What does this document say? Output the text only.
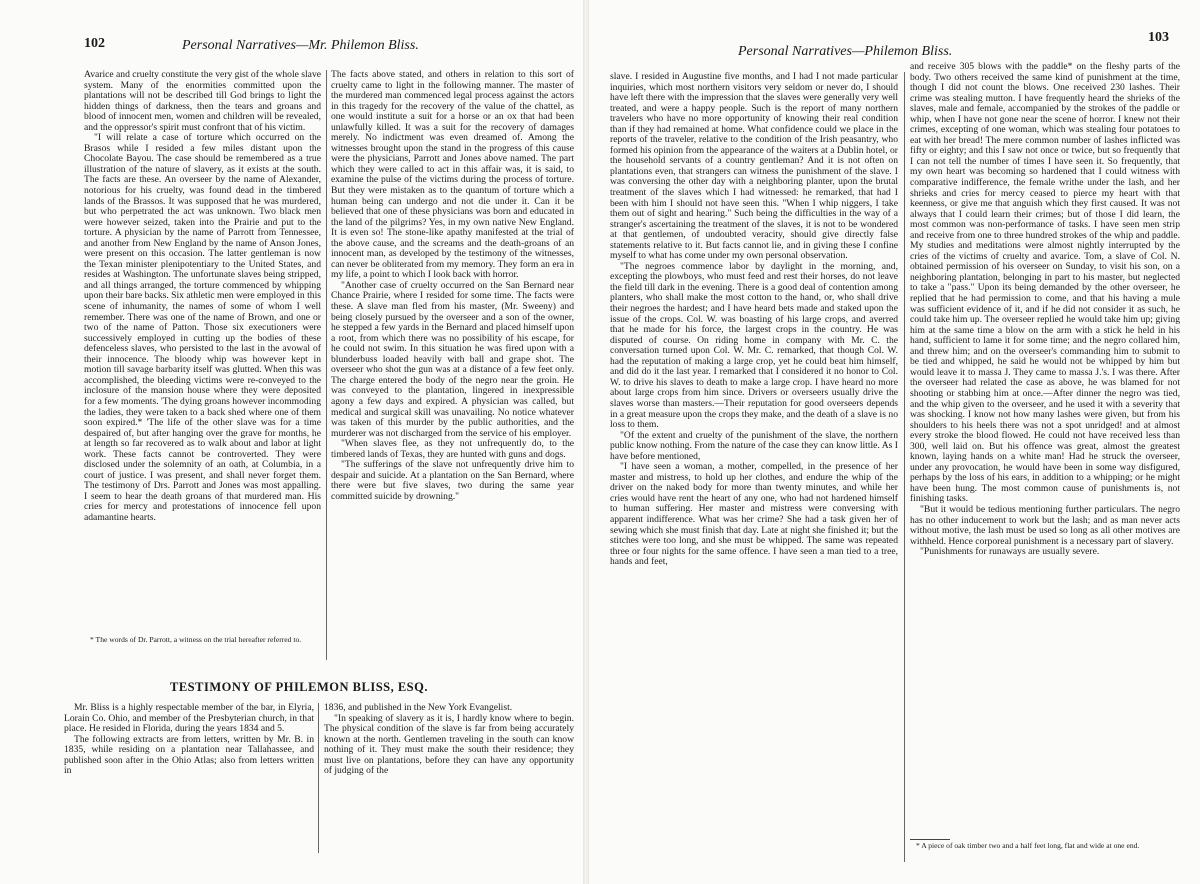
102	Personal Narratives—Mr. Philemon Bliss.

Avarice and cruelty constitute the very gist of the whole slave system. Many of the enormities committed upon the plantations will not be described till God brings to light the hidden things of darkness, then the tears and groans and blood of innocent men, women and children will be revealed, and the oppressor's spirit must confront that of his victim.

"I will relate a case of torture which occurred on the Brasos while I resided a few miles distant upon the Chocolate Bayou. The case should be remembered as a true illustration of the nature of slavery, as it exists at the south. The facts are these. An overseer by the name of Alexander, notorious for his cruelty, was found dead in the timbered lands of the Brassos. It was supposed that he was murdered, but who perpetrated the act was unknown. Two black men were however seized, taken into the Prairie and put to the torture. A physician by the name of Parrott from Tennessee, and another from New England by the name of Anson Jones, were present on this occasion. The latter gentleman is now the Texan minister plenipotentiary to the United States, and resides at Washington. The unfortunate slaves being stripped, and all things arranged, the torture commenced by whipping upon their bare backs. Six athletic men were employed in this scene of inhumanity, the names of some of whom I well remember. There was one of the name of Brown, and one or two of the name of Patton. Those six executioners were successively employed in cutting up the bodies of these defenceless slaves, who persisted to the last in the avowal of their innocence. The bloody whip was however kept in motion till savage barbarity itself was glutted. When this was accomplished, the bleeding victims were re-conveyed to the inclosure of the mansion house where they were deposited for a few moments. 'The dying groans however incommoding the ladies, they were taken to a back shed where one of them soon expired.* 'The life of the other slave was for a time despaired of, but after hanging over the grave for months, he at length so far recovered as to walk about and labor at light work. These facts cannot be controverted. They were disclosed under the solemnity of an oath, at Columbia, in a court of justice. I was present, and shall never forget them. The testimony of Drs. Parrott and Jones was most appalling. I seem to hear the death groans of that murdered man. His cries for mercy and protestations of innocence fell upon adamantine hearts.

* The words of Dr. Parrott, a witness on the trial hereafter referred to.

The facts above stated, and others in relation to this sort of cruelty came to light in the following manner. The master of the murdered man commenced legal process against the actors in this tragedy for the recovery of the value of the chattel, as one would institute a suit for a horse or an ox that had been unlawfully killed. It was a suit for the recovery of damages merely. No indictment was even dreamed of. Among the witnesses brought upon the stand in the progress of this cause were the physicians, Parrott and Jones above named. The part which they were called to act in this affair was, it is said, to examine the pulse of the victims during the process of torture. But they were mistaken as to the quantum of torture which a human being can undergo and not die under it. Can it be believed that one of these physicians was born and educated in the land of the pilgrims? Yes, in my own native New England. It is even so! The stone-like apathy manifested at the trial of the above cause, and the screams and the death-groans of an innocent man, as developed by the testimony of the witnesses, can never be obliterated from my memory. They form an era in my life, a point to which I look back with horror.

"Another case of cruelty occurred on the San Bernard near Chance Prairie, where I resided for some time. The facts were these. A slave man fled from his master, (Mr. Sweeny) and being closely pursued by the overseer and a son of the owner, he stepped a few yards in the Bernard and placed himself upon a root, from which there was no possibility of his escape, for he could not swim. In this situation he was fired upon with a blunderbuss loaded heavily with ball and grape shot. The overseer who shot the gun was at a distance of a few feet only. The charge entered the body of the negro near the groin. He was conveyed to the plantation, lingered in inexpressible agony a few days and expired. A physician was called, but medical and surgical skill was unavailing. No notice whatever was taken of this murder by the public authorities, and the murderer was not discharged from the service of his employer.

"When slaves flee, as they not unfrequently do, to the timbered lands of Texas, they are hunted with guns and dogs.

"The sufferings of the slave not unfrequently drive him to despair and suicide. At a plantation on the San Bernard, where there were but five slaves, two during the same year committed suicide by drowning."

TESTIMONY OF PHILEMON BLISS, ESQ.

Mr. Bliss is a highly respectable member of the bar, in Elyria, Lorain Co. Ohio, and member of the Presbyterian church, in that place. He resided in Florida, during the years 1834 and 5.

The following extracts are from letters, written by Mr. B. in 1835, while residing on a plantation near Tallahassee, and published soon after in the Ohio Atlas; also from letters written in

1836, and published in the New York Evangelist.

"In speaking of slavery as it is, I hardly know where to begin. The physical condition of the slave is far from being accurately known at the north. Gentlemen traveling in the south can know nothing of it. They must make the south their residence; they must live on plantations, before they can have any opportunity of judging of the

Personal Narratives—Philemon Bliss.
103

slave. I resided in Augustine five months, and I had I not made particular inquiries, which most northern visitors very seldom or never do, I should have left there with the impression that the slaves were generally very well treated, and were a happy people. Such is the report of many northern travelers who have no more opportunity of knowing their real condition than if they had remained at home. What confidence could we place in the reports of the traveler, relative to the condition of the Irish peasantry, who formed his opinion from the appearance of the waiters at a Dublin hotel, or the household servants of a country gentleman? And it is not often on plantations even, that strangers can witness the punishment of the slave. I was conversing the other day with a neighboring planter, upon the brutal treatment of the slaves which I had witnessed: he remarked, that had I been with him I should not have seen this. "When I whip niggers, I take them out of sight and hearing." Such being the difficulties in the way of a stranger's ascertaining the treatment of the slaves, it is not to be wondered at that gentlemen, of undoubted veracity, should give directly false statements relative to it. But facts cannot lie, and in giving these I confine myself to what has come under my own personal observation.

"The negroes commence labor by daylight in the morning, and, excepting the plowboys, who must feed and rest their horses, do not leave the field till dark in the evening. There is a good deal of contention among planters, who shall make the most cotton to the hand, or, who shall drive their negroes the hardest; and I have heard bets made and staked upon the issue of the crops. Col. W. was boasting of his large crops, and averred that he made for his force, the largest crops in the country. He was disputed of course. On riding home in company with Mr. C. the conversation turned upon Col. W. Mr. C. remarked, that though Col. W. had the reputation of making a large crop, yet he could beat him himself, and did do it the last year. I remarked that I considered it no honor to Col. W. to drive his slaves to death to make a large crop. I have heard no more about large crops from him since. Drivers or overseers usually drive the slaves worse than masters.—Their reputation for good overseers depends in a great measure upon the crops they make, and the death of a slave is no loss to them.

"Of the extent and cruelty of the punishment of the slave, the northern public know nothing. From the nature of the case they can know little. As I have before mentioned,

"I have seen a woman, a mother, compelled, in the presence of her master and mistress, to hold up her clothes, and endure the whip of the driver on the naked body for more than twenty minutes, and while her cries would have rent the heart of any one, who had not hardened himself to human suffering. Her master and mistress were conversing with apparent indifference. What was her crime? She had a task given her of sewing which she must finish that day. Late at night she finished it; but the stitches were too long, and she must be whipped. The same was repeated three or four nights for the same offence. I have seen a man tied to a tree, hands and feet,

and receive 305 blows with the paddle* on the fleshy parts of the body. Two others received the same kind of punishment at the time, though I did not count the blows. One received 230 lashes. Their crime was stealing mutton. I have frequently heard the shrieks of the slaves, male and female, accompanied by the strokes of the paddle or whip, when I have not gone near the scene of horror. I knew not their crimes, excepting of one woman, which was stealing four potatoes to eat with her bread! The mere common number of lashes inflicted was fifty or eighty; and this I saw not once or twice, but so frequently that I can not tell the number of times I have seen it. So frequently, that my own heart was becoming so hardened that I could witness with comparative indifference, the female writhe under the lash, and her shrieks and cries for mercy ceased to pierce my heart with that keenness, or give me that anguish which they first caused. It was not always that I could learn their crimes; but of those I did learn, the most common was non-performance of tasks. I have seen men strip and receive from one to three hundred strokes of the whip and paddle. My studies and meditations were almost nightly interrupted by the cries of the victims of cruelty and avarice. Tom, a slave of Col. N. obtained permission of his overseer on Sunday, to visit his son, on a neighboring plantation, belonging in part to his master, but neglected to take a "pass." Upon its being demanded by the other overseer, he replied that he had permission to come, and that his having a mule was sufficient evidence of it, and if he did not consider it as such, he could take him up. The overseer replied he would take him up; giving him at the same time a blow on the arm with a stick he held in his hand, sufficient to lame it for some time; and the negro collared him, and threw him; and on the overseer's commanding him to submit to be tied and whipped, he said he would not be whipped by him but would leave it to massa J. They came to massa J.'s. I was there. After the overseer had related the case as above, he was blamed for not shooting or stabbing him at once.—After dinner the negro was tied, and the whip given to the overseer, and he used it with a severity that was shocking. I know not how many lashes were given, but from his shoulders to his heels there was not a spot unridged! and at almost every stroke the blood flowed. He could not have received less than 300, well laid on. But his offence was great, almost the greatest known, laying hands on a white man! Had he struck the overseer, under any provocation, he would have been in some way disfigured, perhaps by the loss of his ears, in addition to a whipping; or he might have been hung. The most common cause of punishments is, not finishing tasks.

"But it would be tedious mentioning further particulars. The negro has no other inducement to work but the lash; and as man never acts without motive, the lash must be used so long as all other motives are withheld. Hence corporeal punishment is a necessary part of slavery.

"Punishments for runaways are usually severe.

* A piece of oak timber two and a half feet long, flat and wide at one end.
